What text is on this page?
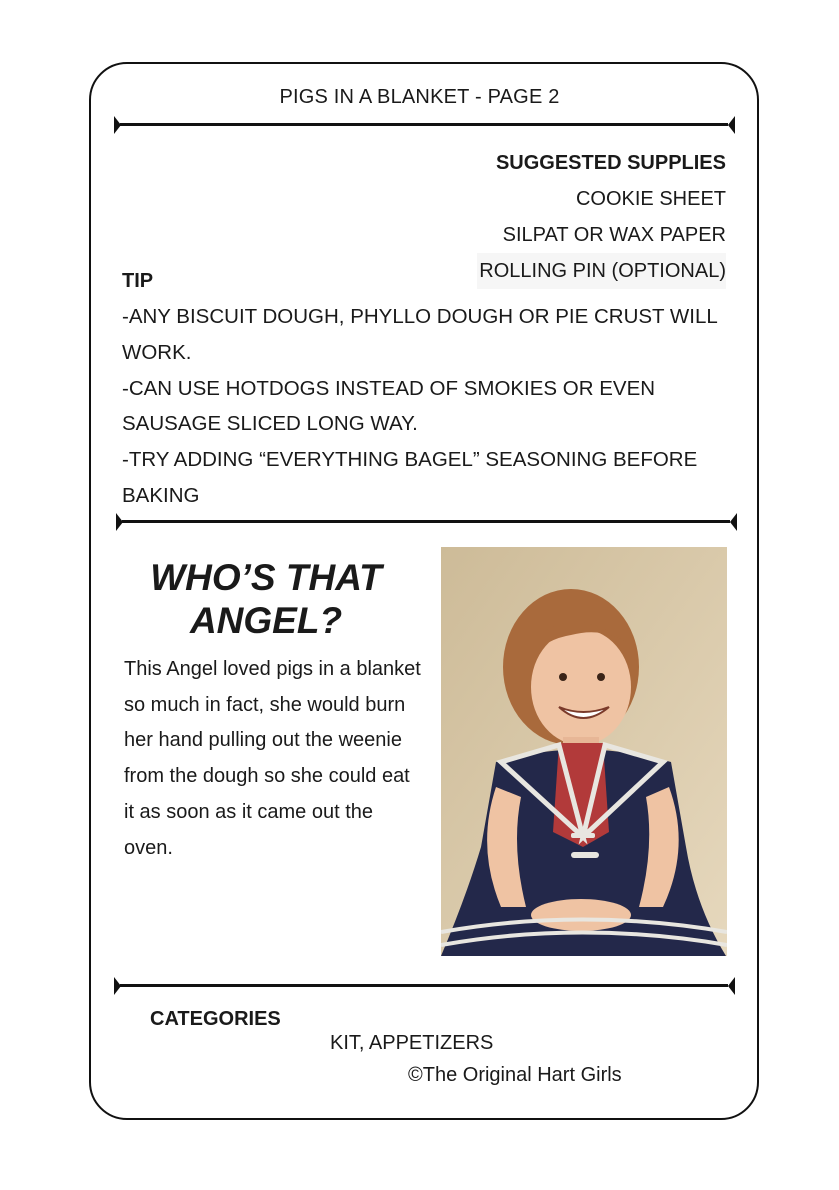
PIGS IN A BLANKET - PAGE 2
SUGGESTED SUPPLIES
COOKIE SHEET
SILPAT OR WAX PAPER
ROLLING PIN (OPTIONAL)
TIP

-ANY BISCUIT DOUGH, PHYLLO DOUGH OR PIE CRUST WILL WORK.

-CAN USE HOTDOGS INSTEAD OF SMOKIES OR EVEN SAUSAGE SLICED LONG WAY.

-TRY ADDING “EVERYTHING BAGEL” SEASONING BEFORE BAKING

WHO’S THAT
ANGEL?
This Angel loved pigs in a blanket so much in fact, she would burn her hand pulling out the weenie from the dough so she could eat it as soon as it came out the oven.
CATEGORIES
KIT, APPETIZERS
©The Original Hart Girls
